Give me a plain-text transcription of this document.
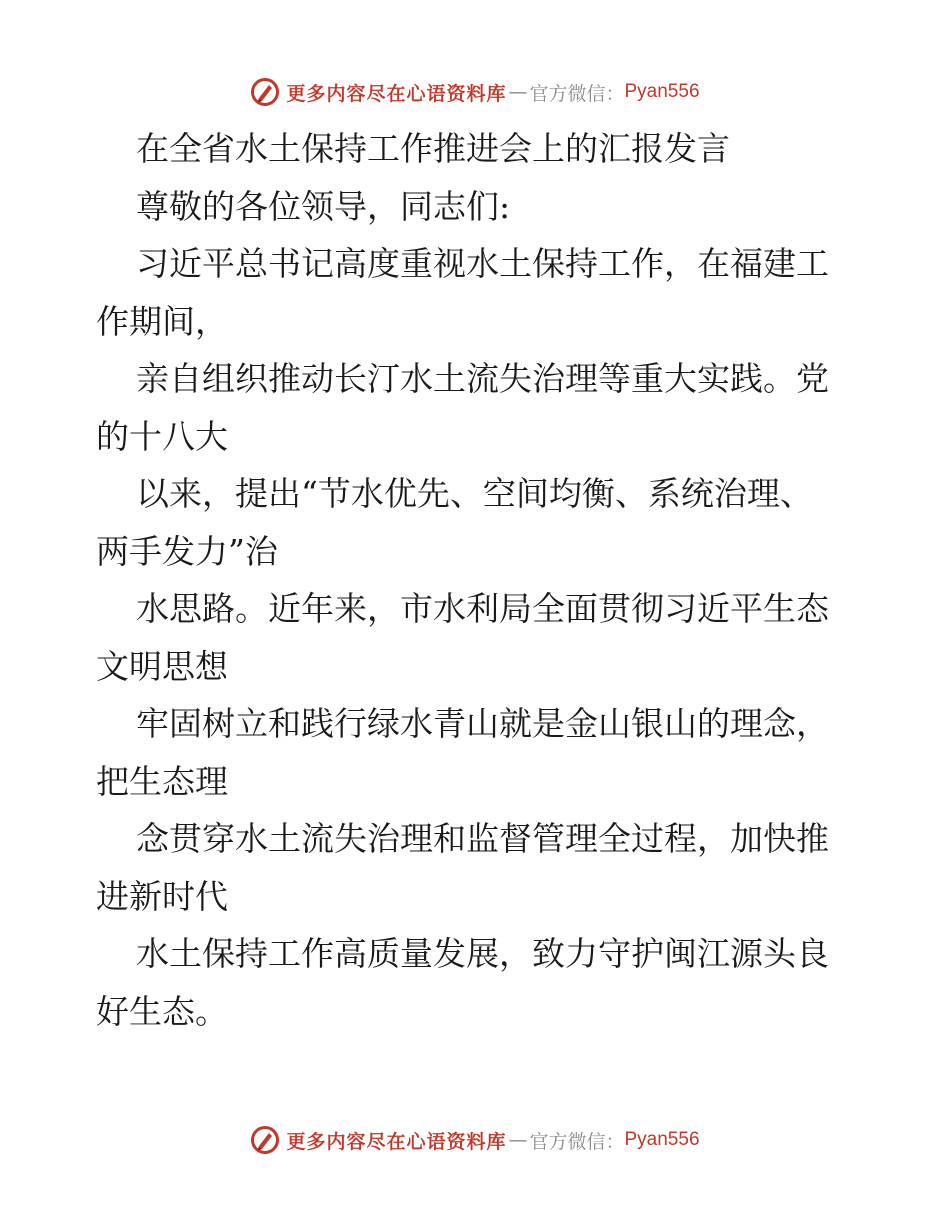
更多内容尽在心语资料库 — 官方微信： Pyan556

在全省水土保持工作推进会上的汇报发言

尊敬的各位领导，同志们:

习近平总书记高度重视水土保持工作，在福建工

作期间，

亲自组织推动长汀水土流失治理等重大实践。党

的十八大

以来，提出“节水优先、空间均衡、系统治理、

两手发力”治

水思路。近年来，市水利局全面贯彻习近平生态

文明思想

牢固树立和践行绿水青山就是金山银山的理念，

把生态理

念贯穿水土流失治理和监督管理全过程，加快推

进新时代

水土保持工作高质量发展，致力守护闽江源头良

好生态。

更多内容尽在心语资料库 — 官方微信： Pyan556
